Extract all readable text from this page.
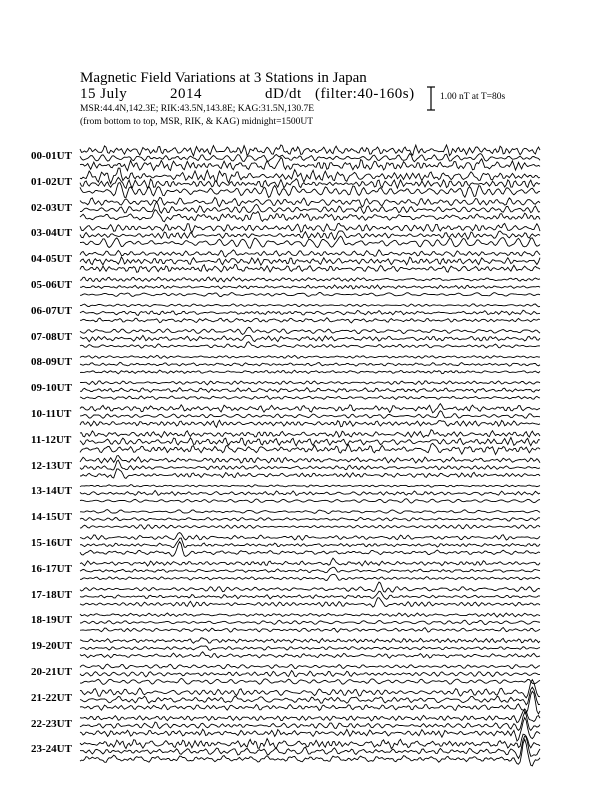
Magnetic Field Variations at 3 Stations in Japan
15 July	2014	dD/dt (filter:40-160s)
MSR:44.4N,142.3E; RIK:43.5N,143.8E; KAG:31.5N,130.7E
(from bottom to top, MSR, RIK, & KAG) midnight=1500UT
1.00 nT at T=80s
00-01UT
01-02UT
02-03UT
03-04UT
04-05UT
05-06UT
06-07UT
07-08UT
08-09UT
09-10UT
10-11UT
11-12UT
12-13UT
13-14UT
14-15UT
15-16UT
16-17UT
17-18UT
18-19UT
19-20UT
20-21UT
21-22UT
22-23UT
23-24UT
